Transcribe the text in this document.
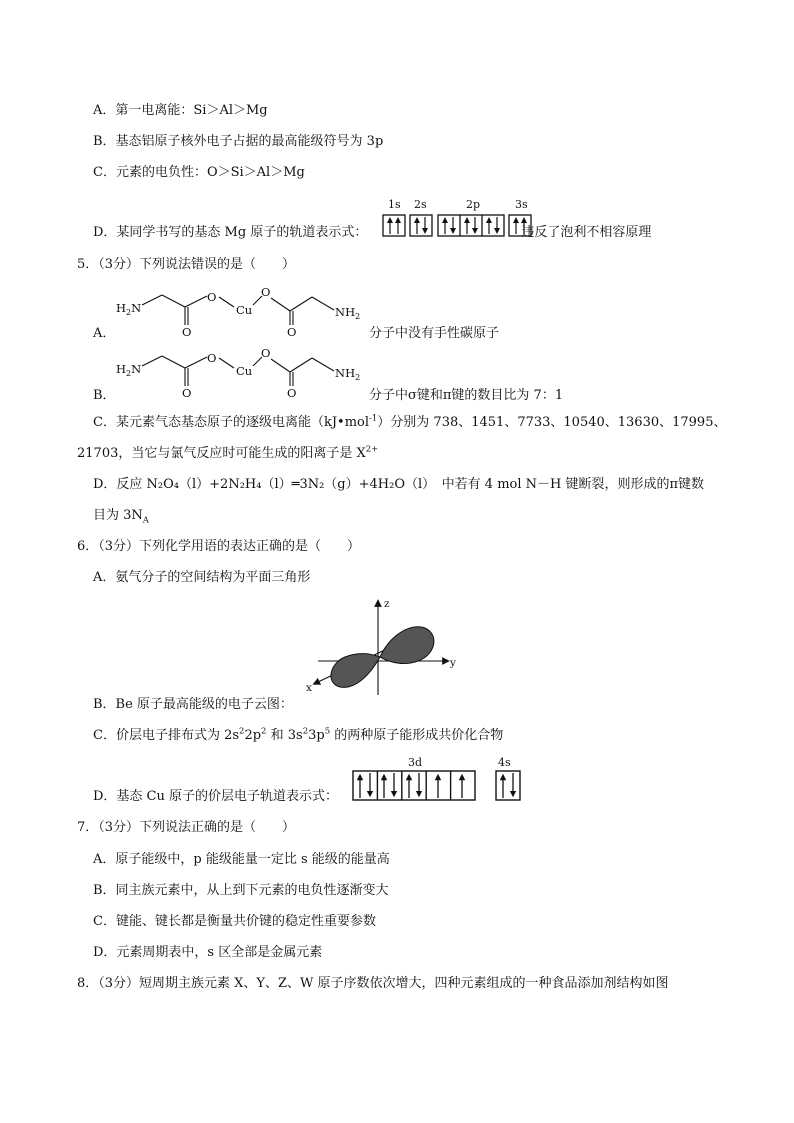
A．第一电离能：Si＞Al＞Mg
B．基态铝原子核外电子占据的最高能级符号为 3p
C．元素的电负性：O＞Si＞Al＞Mg
D．某同学书写的基态 Mg 原子的轨道表示式：	违反了泡利不相容原理
1s 2s	2p	3s
5．（3分）下列说法错误的是（　　）
$H_2N$
O
Cu
O
$NH_2$
O	O
A．	分子中没有手性碳原子
$H_2N$
O
Cu
O
$NH_2$
O	O
B．	分子中σ键和π键的数目比为 7：1
C．某元素气态基态原子的逐级电离能（kJ•mol$^{-1}$）分别为 738、1451、7733、10540、13630、17995、
21703，当它与氯气反应时可能生成的阳离子是 $X^{2+}$
D．反应 N₂O₄（l）+2N₂H₄（l）═3N₂（g）+4H₂O（l）　中若有 4 mol N－H 键断裂，则形成的π键数
目为 $3N_A$
6．（3分）下列化学用语的表达正确的是（　　）
A．氨气分子的空间结构为平面三角形
z
y
x
B．Be 原子最高能级的电子云图：
C．价层电子排布式为 $2s^22p^2$ 和 $3s^23p^5$ 的两种原子能形成共价化合物
3d	4s
D．基态 Cu 原子的价层电子轨道表示式：
7．（3分）下列说法正确的是（　　）
A．原子能级中，p 能级能量一定比 s 能级的能量高
B．同主族元素中，从上到下元素的电负性逐渐变大
C．键能、键长都是衡量共价键的稳定性重要参数
D．元素周期表中，s 区全部是金属元素
8．（3分）短周期主族元素 X、Y、Z、W 原子序数依次增大，四种元素组成的一种食品添加剂结构如图
